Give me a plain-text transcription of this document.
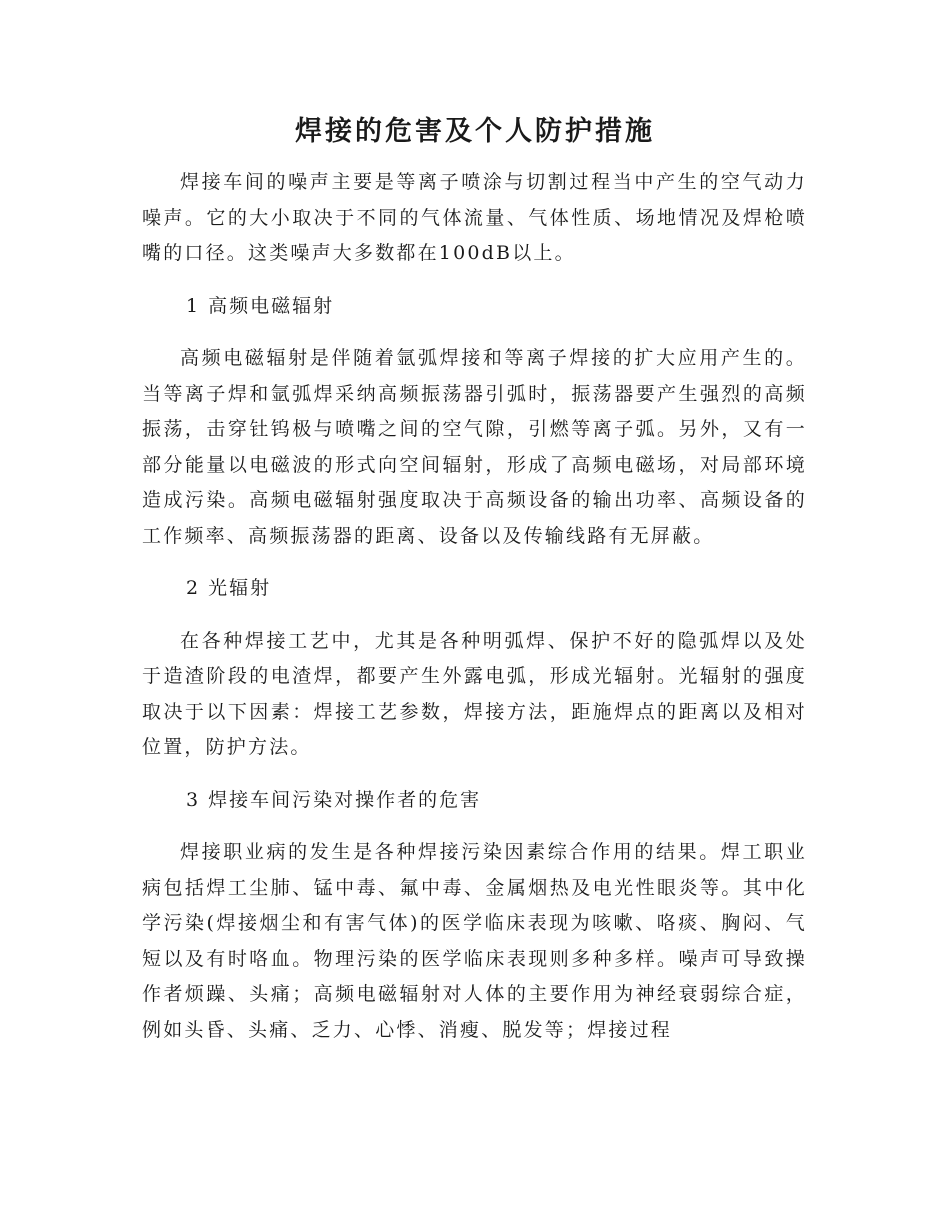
焊接的危害及个人防护措施

焊接车间的噪声主要是等离子喷涂与切割过程当中产生的空气动力噪声。它的大小取决于不同的气体流量、气体性质、场地情况及焊枪喷嘴的口径。这类噪声大多数都在100dB以上。

1 高频电磁辐射

高频电磁辐射是伴随着氩弧焊接和等离子焊接的扩大应用产生的。当等离子焊和氩弧焊采纳高频振荡器引弧时，振荡器要产生强烈的高频振荡，击穿钍钨极与喷嘴之间的空气隙，引燃等离子弧。另外，又有一部分能量以电磁波的形式向空间辐射，形成了高频电磁场，对局部环境造成污染。高频电磁辐射强度取决于高频设备的输出功率、高频设备的工作频率、高频振荡器的距离、设备以及传输线路有无屏蔽。

2 光辐射

在各种焊接工艺中，尤其是各种明弧焊、保护不好的隐弧焊以及处于造渣阶段的电渣焊，都要产生外露电弧，形成光辐射。光辐射的强度取决于以下因素：焊接工艺参数，焊接方法，距施焊点的距离以及相对位置，防护方法。

3 焊接车间污染对操作者的危害

焊接职业病的发生是各种焊接污染因素综合作用的结果。焊工职业病包括焊工尘肺、锰中毒、氟中毒、金属烟热及电光性眼炎等。其中化学污染(焊接烟尘和有害气体)的医学临床表现为咳嗽、咯痰、胸闷、气短以及有时咯血。物理污染的医学临床表现则多种多样。噪声可导致操作者烦躁、头痛；高频电磁辐射对人体的主要作用为神经衰弱综合症，例如头昏、头痛、乏力、心悸、消瘦、脱发等；焊接过程
